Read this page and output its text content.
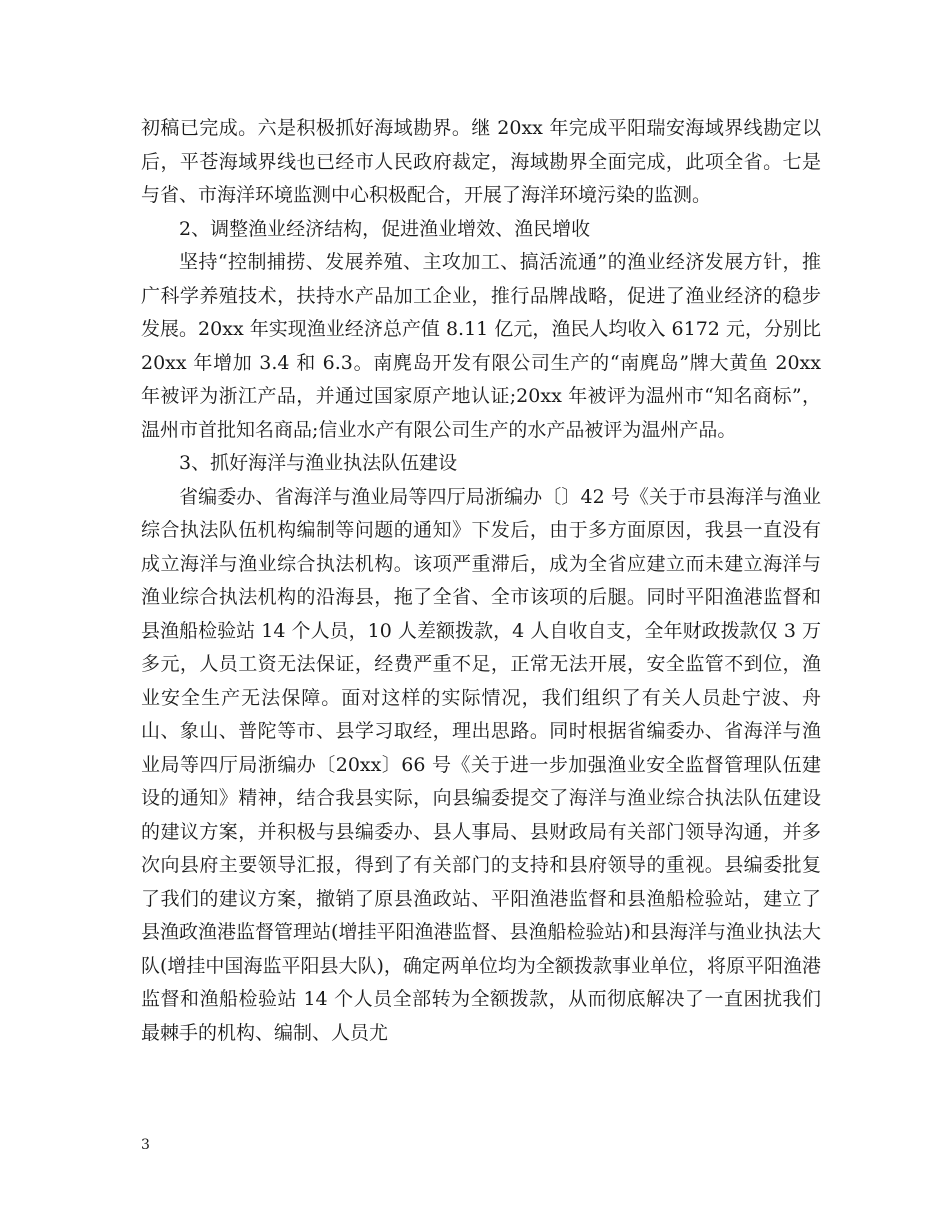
初稿已完成。六是积极抓好海域勘界。继 20xx 年完成平阳瑞安海域界线勘定以后，平苍海域界线也已经市人民政府裁定，海域勘界全面完成，此项全省。七是与省、市海洋环境监测中心积极配合，开展了海洋环境污染的监测。

2、调整渔业经济结构，促进渔业增效、渔民增收

坚持“控制捕捞、发展养殖、主攻加工、搞活流通”的渔业经济发展方针，推广科学养殖技术，扶持水产品加工企业，推行品牌战略，促进了渔业经济的稳步发展。20xx 年实现渔业经济总产值 8.11 亿元，渔民人均收入 6172 元，分别比 20xx 年增加 3.4 和 6.3。南麂岛开发有限公司生产的“南麂岛”牌大黄鱼 20xx 年被评为浙江产品，并通过国家原产地认证;20xx 年被评为温州市“知名商标”，温州市首批知名商品;信业水产有限公司生产的水产品被评为温州产品。

3、抓好海洋与渔业执法队伍建设

省编委办、省海洋与渔业局等四厅局浙编办〔〕42 号《关于市县海洋与渔业综合执法队伍机构编制等问题的通知》下发后，由于多方面原因，我县一直没有成立海洋与渔业综合执法机构。该项严重滞后，成为全省应建立而未建立海洋与渔业综合执法机构的沿海县，拖了全省、全市该项的后腿。同时平阳渔港监督和县渔船检验站 14 个人员，10 人差额拨款，4 人自收自支，全年财政拨款仅 3 万多元，人员工资无法保证，经费严重不足，正常无法开展，安全监管不到位，渔业安全生产无法保障。面对这样的实际情况，我们组织了有关人员赴宁波、舟山、象山、普陀等市、县学习取经，理出思路。同时根据省编委办、省海洋与渔业局等四厅局浙编办〔20xx〕66 号《关于进一步加强渔业安全监督管理队伍建设的通知》精神，结合我县实际，向县编委提交了海洋与渔业综合执法队伍建设的建议方案，并积极与县编委办、县人事局、县财政局有关部门领导沟通，并多次向县府主要领导汇报，得到了有关部门的支持和县府领导的重视。县编委批复了我们的建议方案，撤销了原县渔政站、平阳渔港监督和县渔船检验站，建立了县渔政渔港监督管理站(增挂平阳渔港监督、县渔船检验站)和县海洋与渔业执法大队(增挂中国海监平阳县大队)，确定两单位均为全额拨款事业单位，将原平阳渔港监督和渔船检验站 14 个人员全部转为全额拨款，从而彻底解决了一直困扰我们最棘手的机构、编制、人员尤

3
